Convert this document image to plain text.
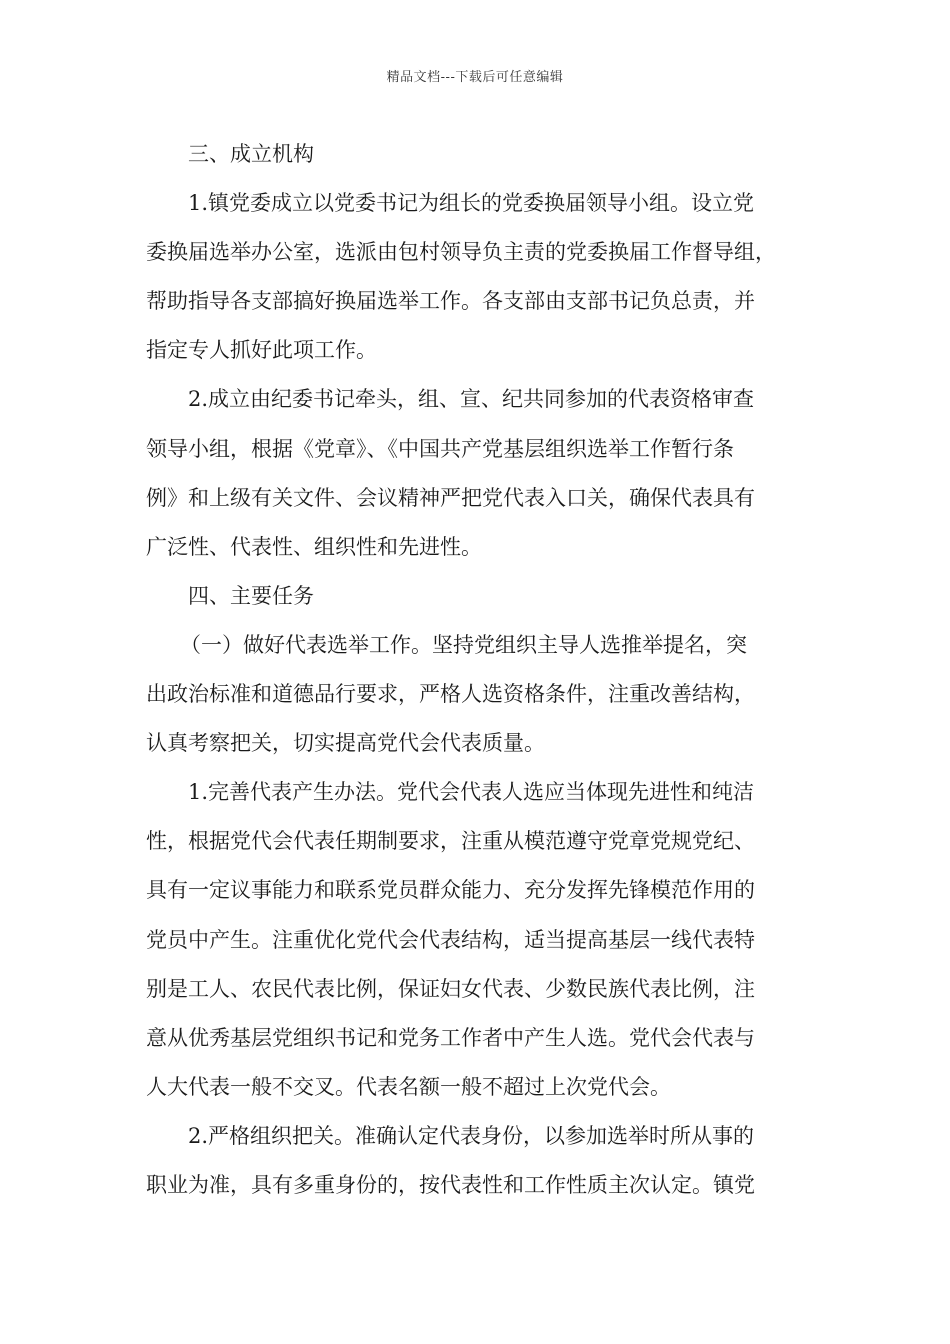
精品文档---下载后可任意编辑
三、成立机构
1.镇党委成立以党委书记为组长的党委换届领导小组。设立党
委换届选举办公室，选派由包村领导负主责的党委换届工作督导组，
帮助指导各支部搞好换届选举工作。各支部由支部书记负总责，并
指定专人抓好此项工作。
2.成立由纪委书记牵头，组、宣、纪共同参加的代表资格审查
领导小组，根据《党章》、《中国共产党基层组织选举工作暂行条
例》和上级有关文件、会议精神严把党代表入口关，确保代表具有
广泛性、代表性、组织性和先进性。
四、主要任务
（一）做好代表选举工作。坚持党组织主导人选推举提名，突
出政治标准和道德品行要求，严格人选资格条件，注重改善结构，
认真考察把关，切实提高党代会代表质量。
1.完善代表产生办法。党代会代表人选应当体现先进性和纯洁
性，根据党代会代表任期制要求，注重从模范遵守党章党规党纪、
具有一定议事能力和联系党员群众能力、充分发挥先锋模范作用的
党员中产生。注重优化党代会代表结构，适当提高基层一线代表特
别是工人、农民代表比例，保证妇女代表、少数民族代表比例，注
意从优秀基层党组织书记和党务工作者中产生人选。党代会代表与
人大代表一般不交叉。代表名额一般不超过上次党代会。
2.严格组织把关。准确认定代表身份，以参加选举时所从事的
职业为准，具有多重身份的，按代表性和工作性质主次认定。镇党
